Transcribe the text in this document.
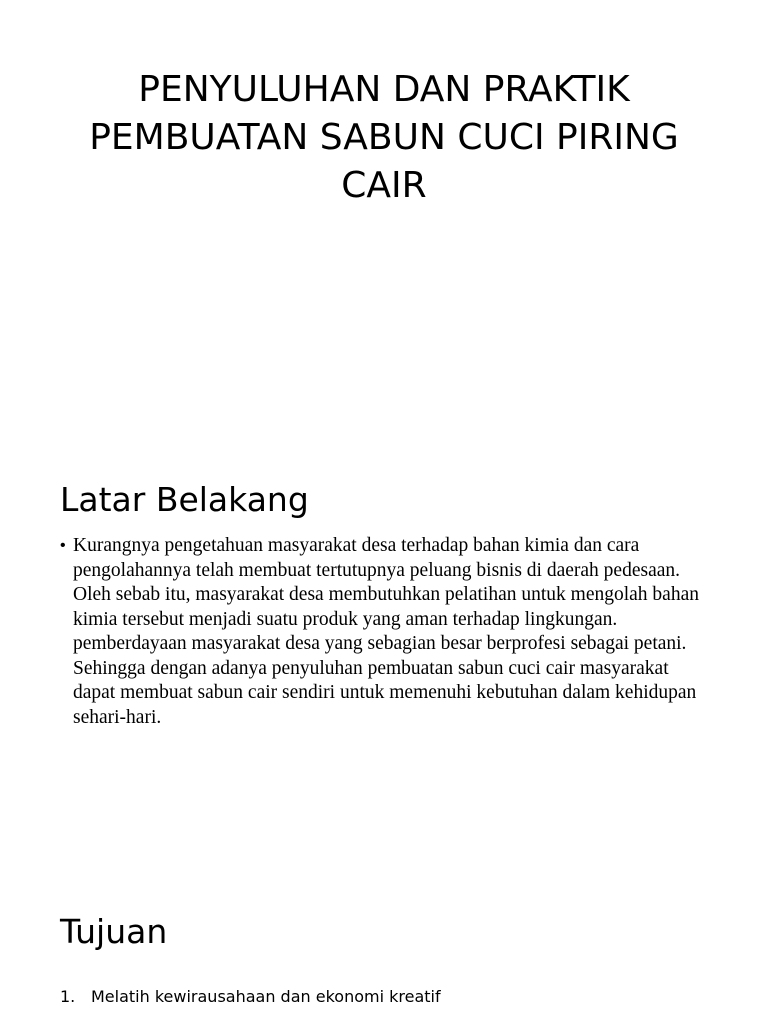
PENYULUHAN DAN PRAKTIK PEMBUATAN SABUN CUCI PIRING CAIR
Latar Belakang
• Kurangnya pengetahuan masyarakat desa terhadap bahan kimia dan cara pengolahannya telah membuat tertutupnya peluang bisnis di daerah pedesaan. Oleh sebab itu, masyarakat desa membutuhkan pelatihan untuk mengolah bahan kimia tersebut menjadi suatu produk yang aman terhadap lingkungan. pemberdayaan masyarakat desa yang sebagian besar berprofesi sebagai petani. Sehingga dengan adanya penyuluhan pembuatan sabun cuci cair masyarakat dapat membuat sabun cair sendiri untuk memenuhi kebutuhan dalam kehidupan sehari-hari.
Tujuan
1. Melatih kewirausahaan dan ekonomi kreatif
